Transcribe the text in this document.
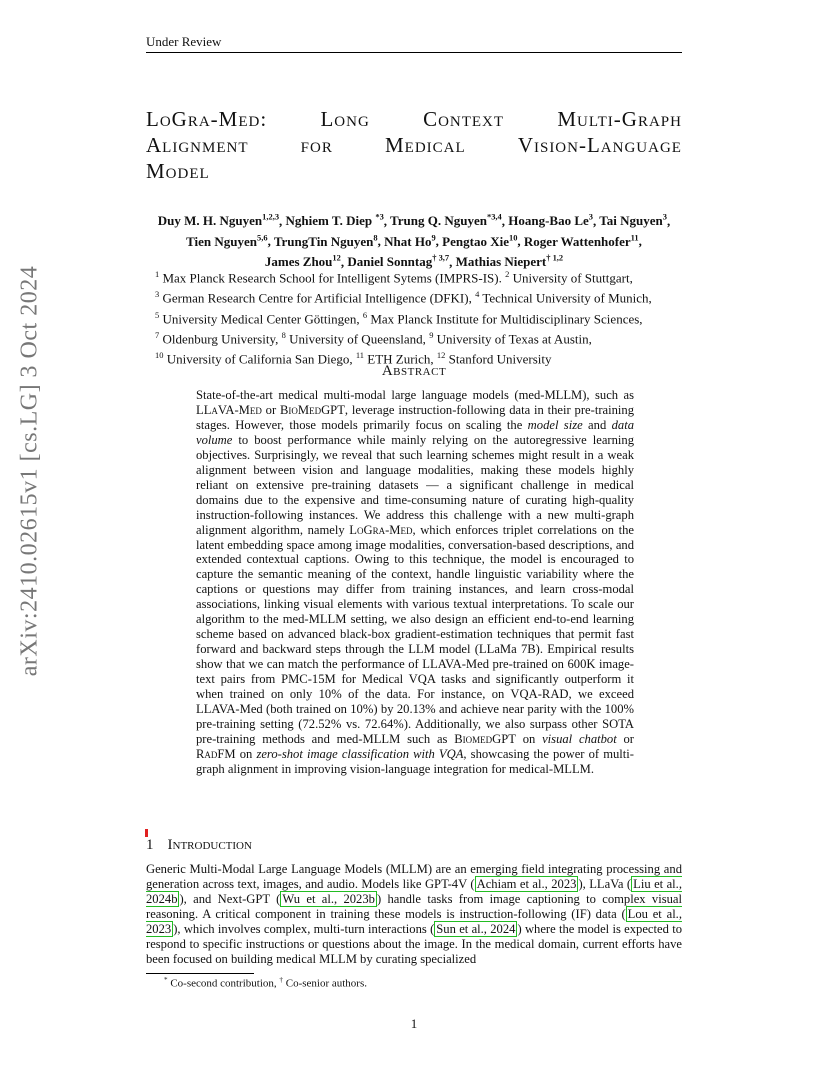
Under Review
arXiv:2410.02615v1 [cs.LG] 3 Oct 2024
LoGra-Med:	Long	Context	Multi-Graph
Alignment for Medical Vision-Language
Model
Duy M. H. Nguyen$^{1,2,3}$, Nghiem T. Diep $^{*3}$, Trung Q. Nguyen$^{*3,4}$, Hoang-Bao Le$^3$, Tai Nguyen$^3$,
Tien Nguyen$^{5,6}$, TrungTin Nguyen$^8$, Nhat Ho$^9$, Pengtao Xie$^{10}$, Roger Wattenhofer$^{11}$,
James Zhou$^{12}$, Daniel Sonntag$^{\dagger 3,7}$, Mathias Niepert$^{\dagger 1,2}$
$^1$ Max Planck Research School for Intelligent Sytems (IMPRS-IS). $^2$ University of Stuttgart,
$^3$ German Research Centre for Artificial Intelligence (DFKI), $^4$ Technical University of Munich,
$^5$ University Medical Center Göttingen, $^6$ Max Planck Institute for Multidisciplinary Sciences,
$^7$ Oldenburg University, $^8$ University of Queensland, $^9$ University of Texas at Austin,
$^{10}$ University of California San Diego, $^{11}$ ETH Zurich, $^{12}$ Stanford University
Abstract
State-of-the-art medical multi-modal large language models (med-MLLM), such as LLaVA-Med or BioMedGPT, leverage instruction-following data in their pre-training stages. However, those models primarily focus on scaling the model size and data volume to boost performance while mainly relying on the autoregressive learning objectives. Surprisingly, we reveal that such learning schemes might result in a weak alignment between vision and language modalities, making these models highly reliant on extensive pre-training datasets — a significant challenge in medical domains due to the expensive and time-consuming nature of curating high-quality instruction-following instances. We address this challenge with a new multi-graph alignment algorithm, namely LoGra-Med, which enforces triplet correlations on the latent embedding space among image modalities, conversation-based descriptions, and extended contextual captions. Owing to this technique, the model is encouraged to capture the semantic meaning of the context, handle linguistic variability where the captions or questions may differ from training instances, and learn cross-modal associations, linking visual elements with various textual interpretations. To scale our algorithm to the med-MLLM setting, we also design an efficient end-to-end learning scheme based on advanced black-box gradient-estimation techniques that permit fast forward and backward steps through the LLM model (LLaMa 7B). Empirical results show that we can match the performance of LLAVA-Med pre-trained on 600K image-text pairs from PMC-15M for Medical VQA tasks and significantly outperform it when trained on only 10% of the data. For instance, on VQA-RAD, we exceed LLAVA-Med (both trained on 10%) by 20.13% and achieve near parity with the 100% pre-training setting (72.52% vs. 72.64%). Additionally, we also surpass other SOTA pre-training methods and med-MLLM such as BiomedGPT on visual chatbot or RadFM on zero-shot image classification with VQA, showcasing the power of multi-graph alignment in improving vision-language integration for medical-MLLM.
1 Introduction
Generic Multi-Modal Large Language Models (MLLM) are an emerging field integrating processing and generation across text, images, and audio. Models like GPT-4V ( Achiam et al., 2023 ), LLaVa ( Liu et al., 2024b ), and Next-GPT ( Wu et al., 2023b ) handle tasks from image captioning to complex visual reasoning. A critical component in training these models is instruction-following (IF) data ( Lou et al., 2023 ), which involves complex, multi-turn interactions ( Sun et al., 2024 ) where the model is expected to respond to specific instructions or questions about the image. In the medical domain, current efforts have been focused on building medical MLLM by curating specialized
* Co-second contribution, † Co-senior authors.
1
